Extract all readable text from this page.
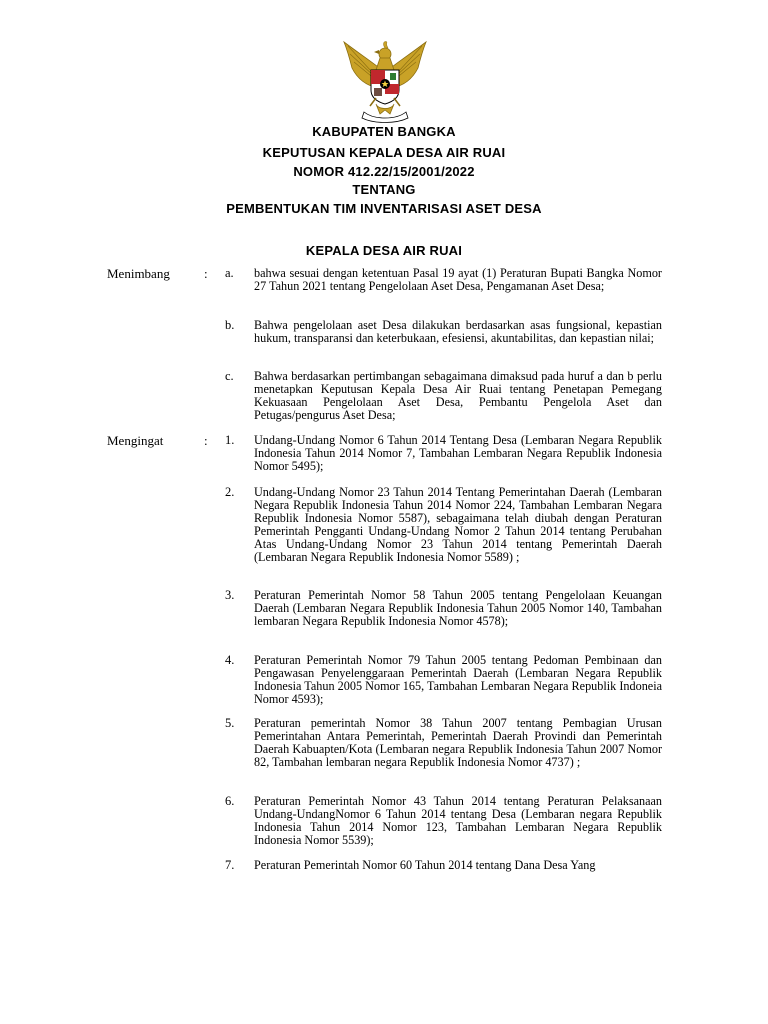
KABUPATEN BANGKA

KEPUTUSAN KEPALA DESA AIR RUAI

NOMOR 412.22/15/2001/2022

TENTANG

PEMBENTUKAN TIM INVENTARISASI ASET DESA

KEPALA DESA AIR RUAI

Menimbang	: a. bahwa sesuai dengan ketentuan Pasal 19 ayat (1) Peraturan Bupati Bangka Nomor 27 Tahun 2021 tentang Pengelolaan Aset Desa, Pengamanan Aset Desa;

b. Bahwa pengelolaan aset Desa dilakukan berdasarkan asas fungsional, kepastian hukum, transparansi dan keterbukaan, efesiensi, akuntabilitas, dan kepastian nilai;

c. Bahwa berdasarkan pertimbangan sebagaimana dimaksud pada huruf a dan b perlu menetapkan Keputusan Kepala Desa Air Ruai tentang Penetapan Pemegang Kekuasaan Pengelolaan Aset Desa, Pembantu Pengelola Aset dan Petugas/pengurus Aset Desa;

Mengingat	: 1. Undang-Undang Nomor 6 Tahun 2014 Tentang Desa (Lembaran Negara Republik Indonesia Tahun 2014 Nomor 7, Tambahan Lembaran Negara Republik Indonesia Nomor 5495);

2. Undang-Undang Nomor 23 Tahun 2014 Tentang Pemerintahan Daerah (Lembaran Negara Republik Indonesia Tahun 2014 Nomor 224, Tambahan Lembaran Negara Republik Indonesia Nomor 5587), sebagaimana telah diubah dengan Peraturan Pemerintah Pengganti Undang-Undang Nomor 2 Tahun 2014 tentang Perubahan Atas Undang-Undang Nomor 23 Tahun 2014 tentang Pemerintah Daerah (Lembaran Negara Republik Indonesia Nomor 5589) ;

3. Peraturan Pemerintah Nomor 58 Tahun 2005 tentang Pengelolaan Keuangan Daerah (Lembaran Negara Republik Indonesia Tahun 2005 Nomor 140, Tambahan lembaran Negara Republik Indonesia Nomor 4578);

4. Peraturan Pemerintah Nomor 79 Tahun 2005 tentang Pedoman Pembinaan dan Pengawasan Penyelenggaraan Pemerintah Daerah (Lembaran Negara Republik Indonesia Tahun 2005 Nomor 165, Tambahan Lembaran Negara Republik Indoneia Nomor 4593);

5. Peraturan pemerintah Nomor 38 Tahun 2007 tentang Pembagian Urusan Pemerintahan Antara Pemerintah, Pemerintah Daerah Provindi dan Pemerintah Daerah Kabuapten/Kota (Lembaran negara Republik Indonesia Tahun 2007 Nomor 82, Tambahan lembaran negara Republik Indonesia Nomor 4737) ;

6. Peraturan Pemerintah Nomor 43 Tahun 2014 tentang Peraturan Pelaksanaan Undang-UndangNomor 6 Tahun 2014 tentang Desa (Lembaran negara Republik Indonesia Tahun 2014 Nomor 123, Tambahan Lembaran Negara Republik Indonesia Nomor 5539);

7. Peraturan Pemerintah Nomor 60 Tahun 2014 tentang Dana Desa Yang
